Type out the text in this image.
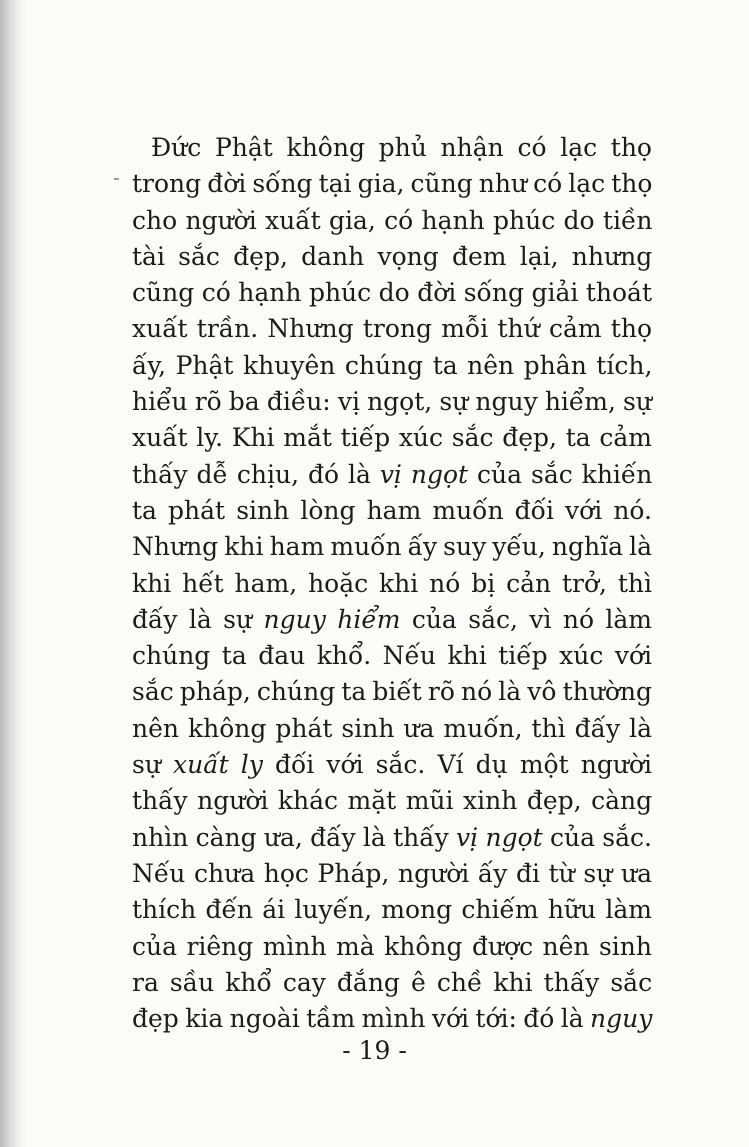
Đức Phật không phủ nhận có lạc thọ
trong đời sống tại gia, cũng như có lạc thọ
cho người xuất gia, có hạnh phúc do tiền
tài sắc đẹp, danh vọng đem lại, nhưng
cũng có hạnh phúc do đời sống giải thoát
xuất trần. Nhưng trong mỗi thứ cảm thọ
ấy, Phật khuyên chúng ta nên phân tích,
hiểu rõ ba điều: vị ngọt, sự nguy hiểm, sự
xuất ly. Khi mắt tiếp xúc sắc đẹp, ta cảm
thấy dễ chịu, đó là vị ngọt của sắc khiến
ta phát sinh lòng ham muốn đối với nó.
Nhưng khi ham muốn ấy suy yếu, nghĩa là
khi hết ham, hoặc khi nó bị cản trở, thì
đấy là sự nguy hiểm của sắc, vì nó làm
chúng ta đau khổ. Nếu khi tiếp xúc với
sắc pháp, chúng ta biết rõ nó là vô thường
nên không phát sinh ưa muốn, thì đấy là
sự xuất ly đối với sắc. Ví dụ một người
thấy người khác mặt mũi xinh đẹp, càng
nhìn càng ưa, đấy là thấy vị ngọt của sắc.
Nếu chưa học Pháp, người ấy đi từ sự ưa
thích đến ái luyến, mong chiếm hữu làm
của riêng mình mà không được nên sinh
ra sầu khổ cay đắng ê chề khi thấy sắc
đẹp kia ngoài tầm mình với tới: đó là nguy
- 19 -
